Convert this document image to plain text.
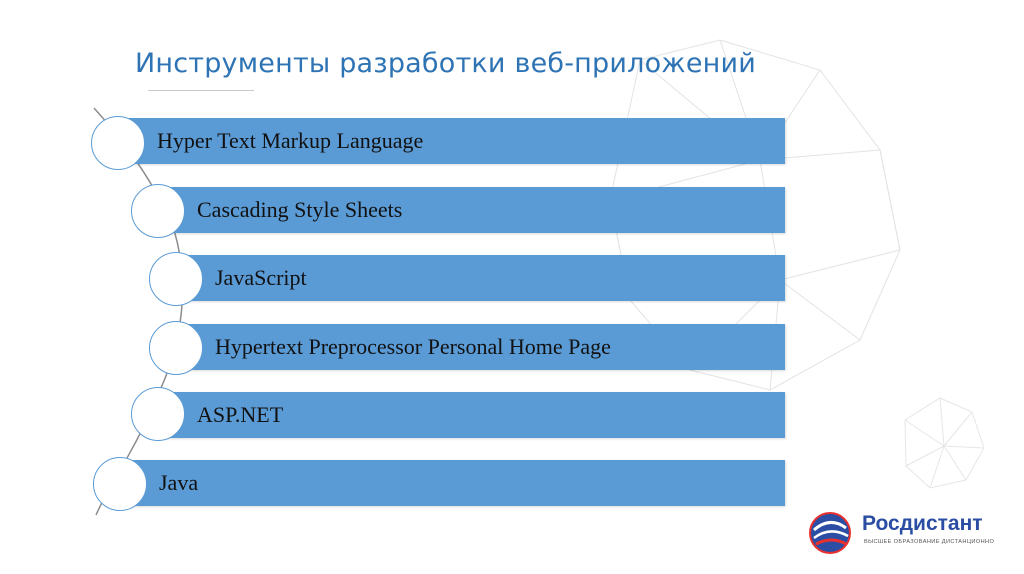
Инструменты разработки веб-приложений
Hyper Text Markup Language
Cascading Style Sheets
JavaScript
Hypertext Preprocessor Personal Home Page
ASP.NET
Java
Росдистант
ВЫСШЕЕ ОБРАЗОВАНИЕ ДИСТАНЦИОННО
